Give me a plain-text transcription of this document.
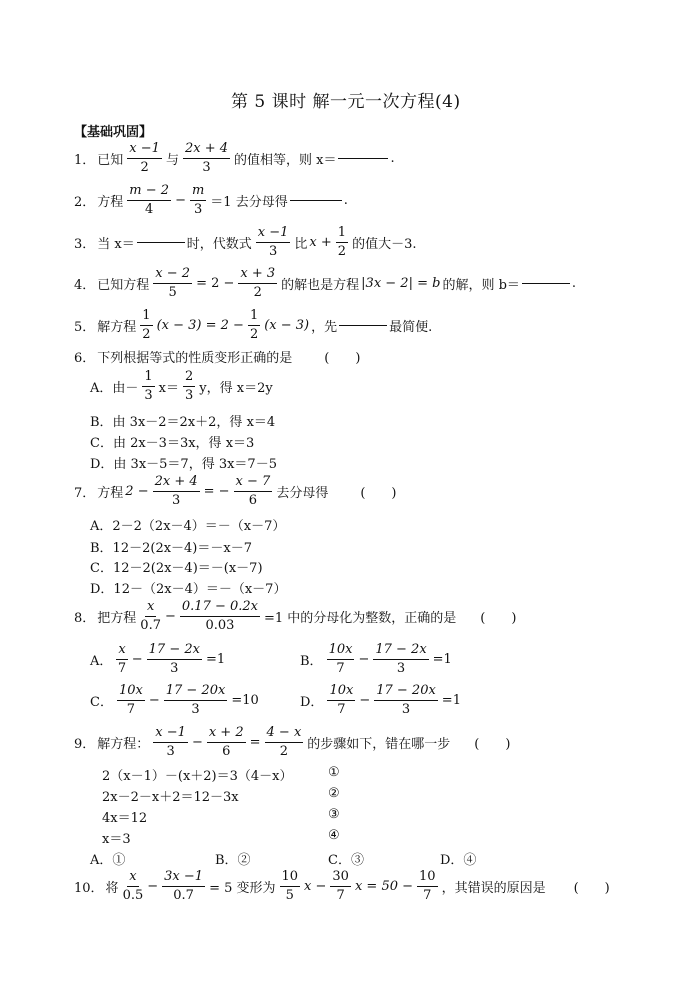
第 5 课时 解一元一次方程(4)
【基础巩固】
1． 已知 $\frac{x -1}{2}$ 与 $\frac{2x + 4}{3}$ 的值相等，则 x＝	.
2． 方程 $\frac{m - 2}{4} - \frac{m}{3} =1$ 去分母得	.
3． 当 x＝	时，代数式 $\frac{x -1}{3}$ 比 $x + \frac{1}{2}$ 的值大－3.
4． 已知方程 $\frac{x - 2}{5} = 2 - \frac{x + 3}{2}$ 的解也是方程 |3x − 2| = b 的解，则 b＝	.
5． 解方程 $\frac{1}{2} (x - 3) = 2 - \frac{1}{2} (x - 3)$ ，先	最简便.
6． 下列根据等式的性质变形正确的是 (　　)
A．由－ $\frac{1}{3} x= \frac{2}{3}$ y，得 x＝2y
B．由 3x－2＝2x＋2，得 x＝4
C．由 2x－3＝3x，得 x＝3
D．由 3x－5＝7，得 3x＝7－5
7． 方程 $2 - \frac{2x + 4}{3}$ = − $\frac{x - 7}{6}$ 去分母得 (　　)
A．2－2（2x－4）＝－（x－7）
B．12－2(2x－4)＝－x－7
C．12－2(2x－4)＝－(x－7)
D．12－（2x－4）＝－（x－7）
8． 把方程 $\frac{x}{0.7} - \frac{0.17 - 0.2x}{0.03} =1$ 中的分母化为整数，正确的是 (　　)
A． $\frac{x}{7} - \frac{17 - 2x}{3} =1$	B． $\frac{10x}{7} - \frac{17 - 2x}{3} =1$
C． $\frac{10x}{7} - \frac{17 - 20x}{3} =10$	D． $\frac{10x}{7} - \frac{17 - 20x}{3} =1$
9． 解方程： $\frac{x -1}{3} - \frac{x + 2}{6} = \frac{4 - x}{2}$ 的步骤如下，错在哪一步 (　　)
2（x－1）－(x＋2)＝3（4－x）	①
2x－2－x＋2＝12－3x	②
4x＝12	③
x＝3	④
A．①	B．②	C．③	D．④
10． 将 $\frac{x}{0.5} - \frac{3x -1}{0.7} = 5$ 变形为 $\frac{10}{5}$ $x - \frac{30}{7}$ $x = 50 - \frac{10}{7}$ ，其错误的原因是 (　　)
